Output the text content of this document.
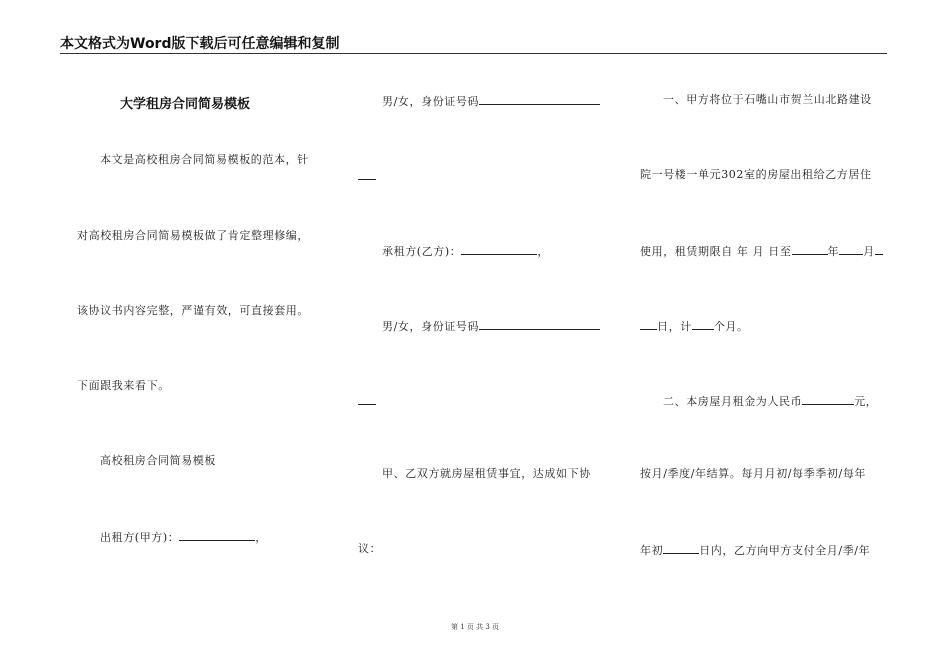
本文格式为Word版下载后可任意编辑和复制
大学租房合同简易模板
本文是高校租房合同简易模板的范本，针
对高校租房合同简易模板做了肯定整理修编，
该协议书内容完整，严谨有效，可直接套用。
下面跟我来看下。
高校租房合同简易模板
出租方(甲方)：	，
男/女，身份证号码
承租方(乙方)：	，
男/女，身份证号码
甲、乙双方就房屋租赁事宜，达成如下协
议：
一、甲方将位于石嘴山市贺兰山北路建设
院一号楼一单元302室的房屋出租给乙方居住
使用，租赁期限自 年 月 日至	年 月
日，计 个月。
二、本房屋月租金为人民币	元，
按月/季度/年结算。每月月初/每季季初/每年
年初	日内，乙方向甲方支付全月/季/年
第 1 页 共 3 页
